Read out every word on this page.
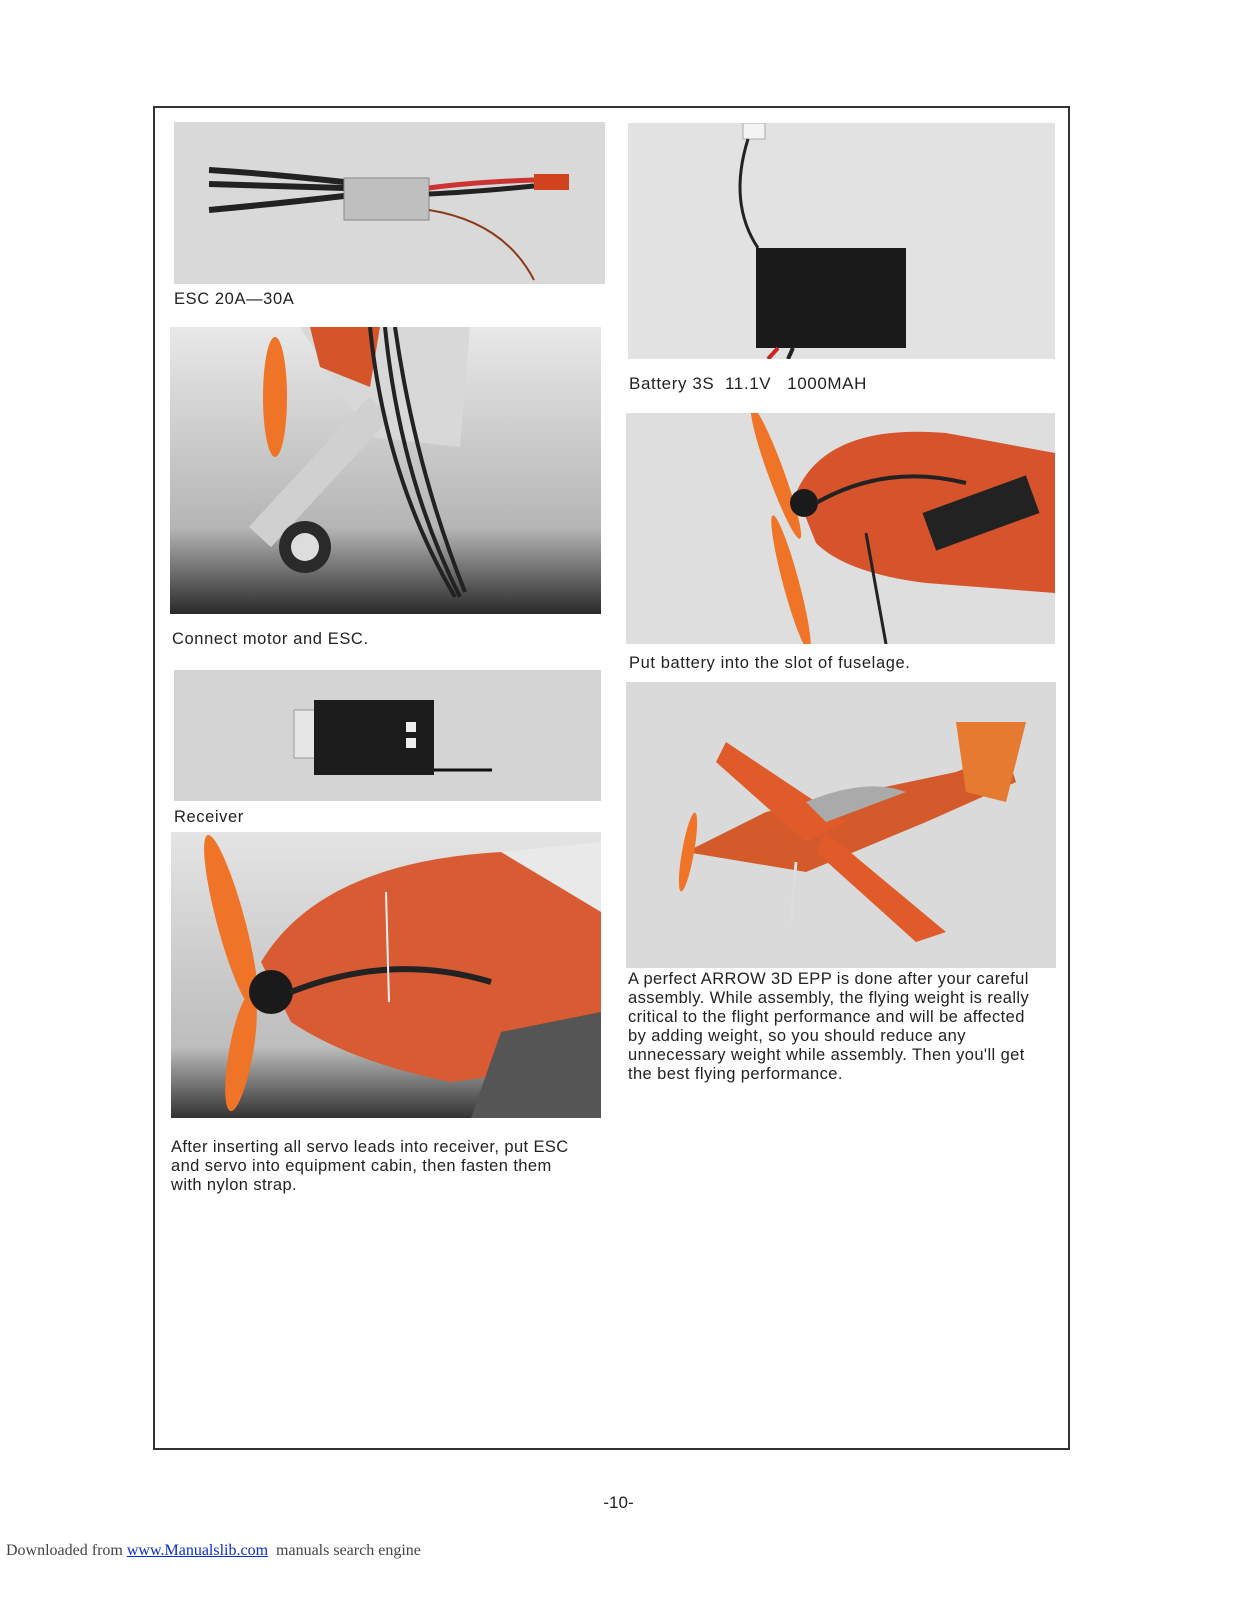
ESC 20A—30A
Battery 3S  11.1V   1000MAH
Connect motor and ESC.
Put battery into the slot of fuselage.
Receiver
After inserting all servo leads into receiver, put ESC
and servo into equipment cabin, then fasten them
with nylon strap.
A perfect ARROW 3D EPP is done after your careful
assembly. While assembly, the flying weight is really
critical to the flight performance and will be affected
by adding weight, so you should reduce any
unnecessary weight while assembly. Then you'll get
the best flying performance.
-10-
Downloaded from www.Manualslib.com  manuals search engine
